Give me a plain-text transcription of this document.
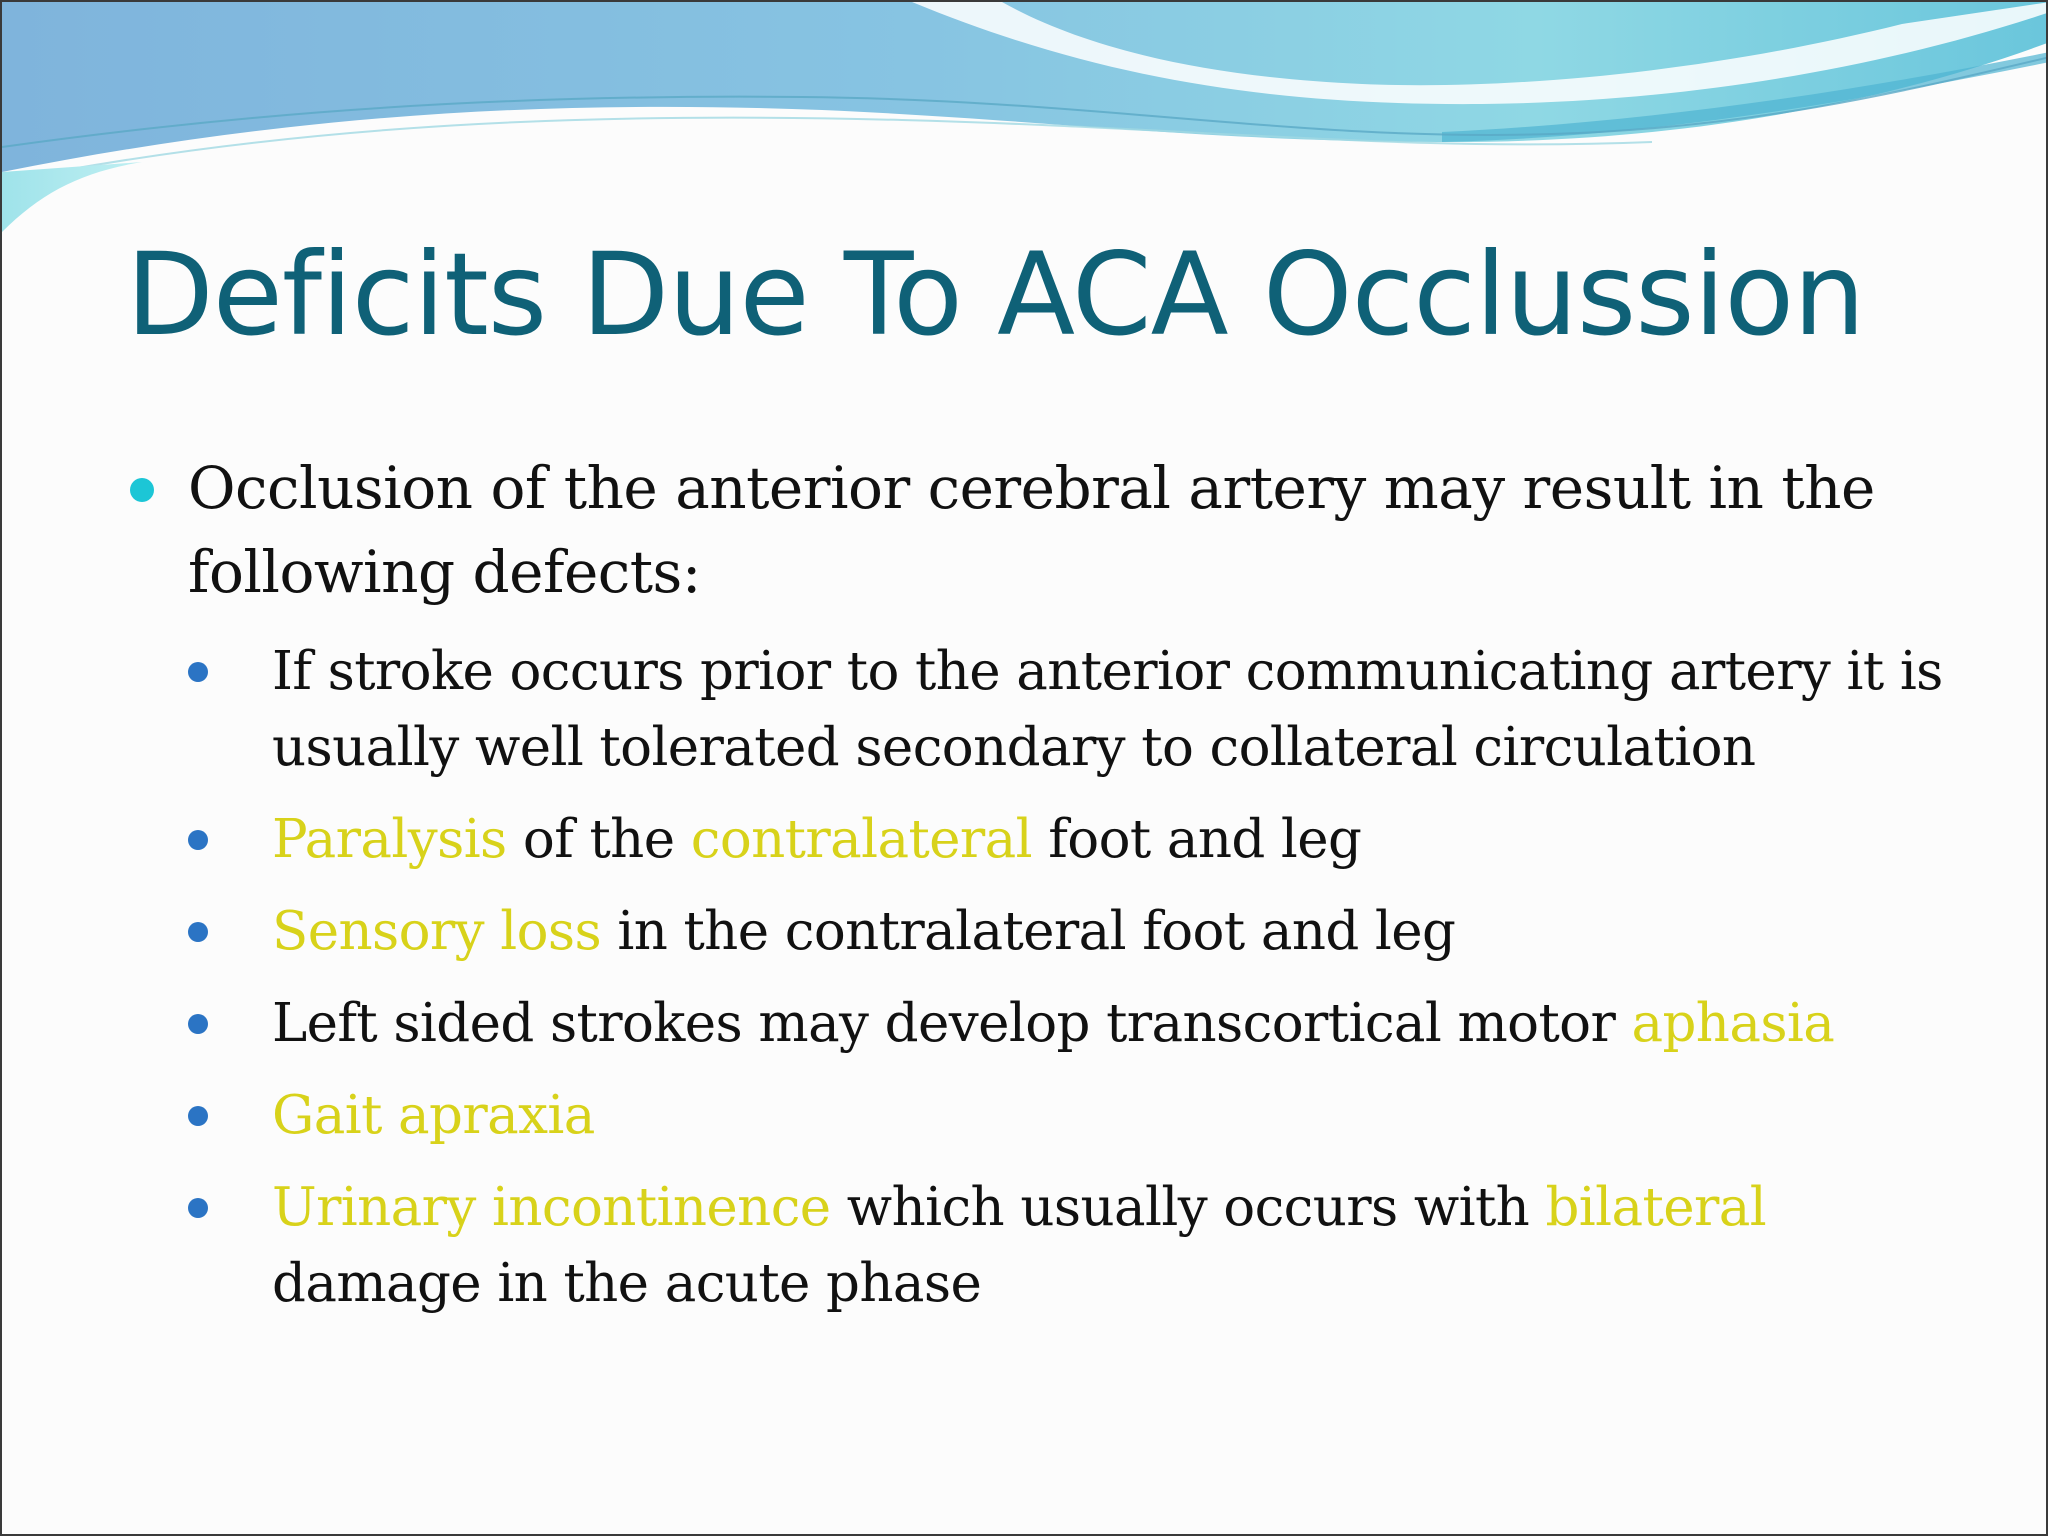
Deficits Due To ACA Occlussion
Occlusion of the anterior cerebral artery may result in the following defects:
If stroke occurs prior to the anterior communicating artery it is usually well tolerated secondary to collateral circulation
Paralysis of the contralateral foot and leg
Sensory loss in the contralateral foot and leg
Left sided strokes may develop transcortical motor aphasia
Gait apraxia
Urinary incontinence which usually occurs with bilateral damage in the acute phase
